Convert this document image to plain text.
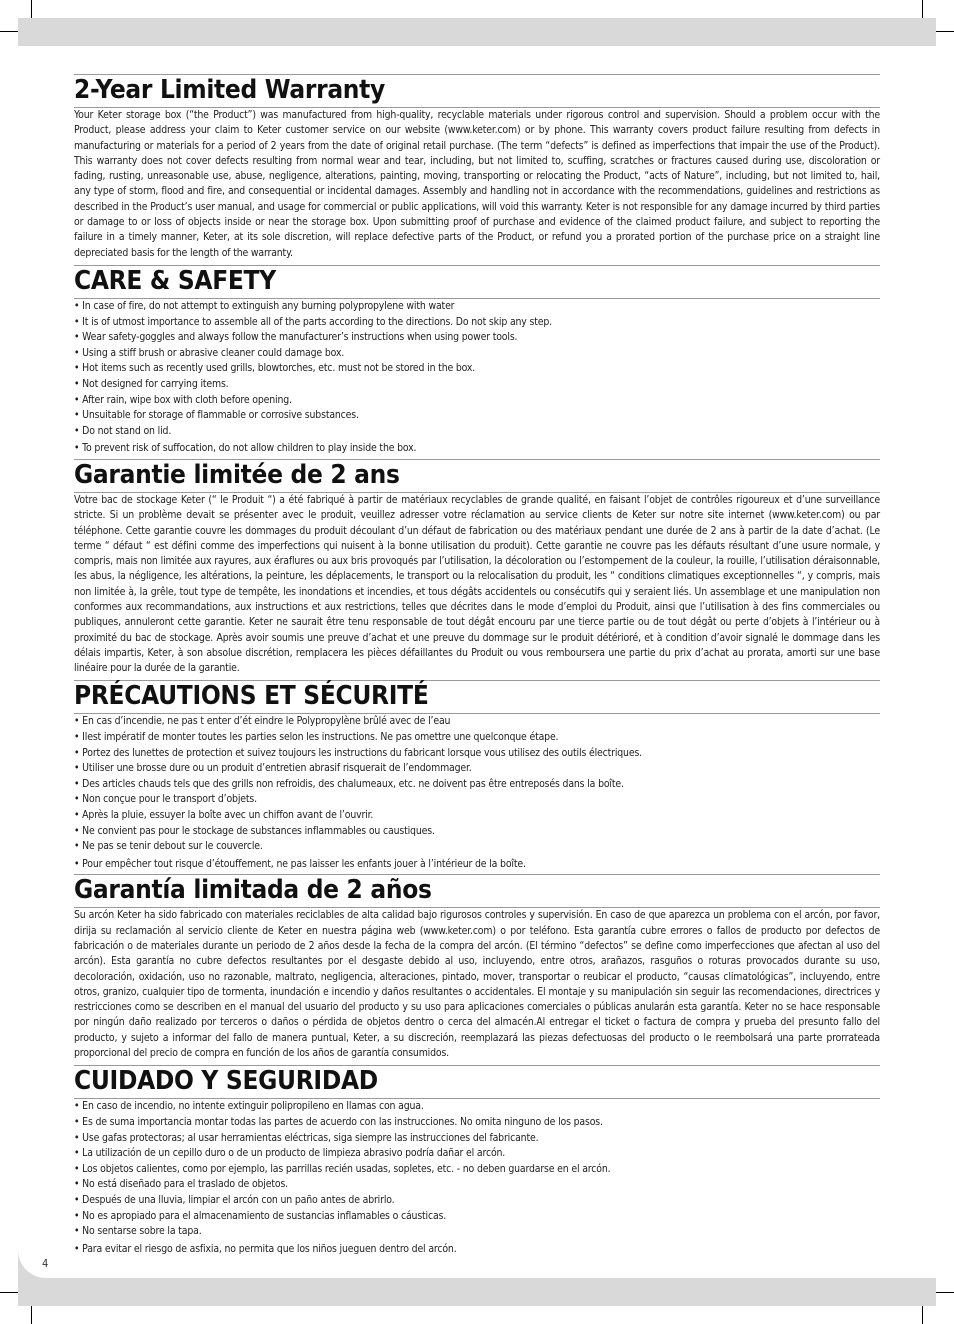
2-Year Limited Warranty

Your Keter storage box (“the Product”) was manufactured from high-quality, recyclable materials under rigorous control and supervision. Should a problem occur with the Product, please address your claim to Keter customer service on our website (www.keter.com) or by phone. This warranty covers product failure resulting from defects in manufacturing or materials for a period of 2 years from the date of original retail purchase. (The term “defects” is defined as imperfections that impair the use of the Product). This warranty does not cover defects resulting from normal wear and tear, including, but not limited to, scuffing, scratches or fractures caused during use, discoloration or fading, rusting, unreasonable use, abuse, negligence, alterations, painting, moving, transporting or relocating the Product, “acts of Nature”, including, but not limited to, hail, any type of storm, flood and fire, and consequential or incidental damages. Assembly and handling not in accordance with the recommendations, guidelines and restrictions as described in the Product’s user manual, and usage for commercial or public applications, will void this warranty. Keter is not responsible for any damage incurred by third parties or damage to or loss of objects inside or near the storage box. Upon submitting proof of purchase and evidence of the claimed product failure, and subject to reporting the failure in a timely manner, Keter, at its sole discretion, will replace defective parts of the Product, or refund you a prorated portion of the purchase price on a straight line depreciated basis for the length of the warranty.

CARE & SAFETY
• In case of fire, do not attempt to extinguish any burning polypropylene with water
• It is of utmost importance to assemble all of the parts according to the directions. Do not skip any step.
• Wear safety-goggles and always follow the manufacturer’s instructions when using power tools.
• Using a stiff brush or abrasive cleaner could damage box.
• Hot items such as recently used grills, blowtorches, etc. must not be stored in the box.
• Not designed for carrying items.
• After rain, wipe box with cloth before opening.
• Unsuitable for storage of flammable or corrosive substances.
• Do not stand on lid.
• To prevent risk of suffocation, do not allow children to play inside the box.
Garantie limitée de 2 ans

Votre bac de stockage Keter (“ le Produit “) a été fabriqué à partir de matériaux recyclables de grande qualité, en faisant l’objet de contrôles rigoureux et d’une surveillance stricte. Si un problème devait se présenter avec le produit, veuillez adresser votre réclamation au service clients de Keter sur notre site internet (www.keter.com) ou par téléphone. Cette garantie couvre les dommages du produit découlant d’un défaut de fabrication ou des matériaux pendant une durée de 2 ans à partir de la date d’achat. (Le terme “ défaut “ est défini comme des imperfections qui nuisent à la bonne utilisation du produit). Cette garantie ne couvre pas les défauts résultant d’une usure normale, y compris, mais non limitée aux rayures, aux éraflures ou aux bris provoqués par l’utilisation, la décoloration ou l’estompement de la couleur, la rouille, l’utilisation déraisonnable, les abus, la négligence, les altérations, la peinture, les déplacements, le transport ou la relocalisation du produit, les “ conditions climatiques exceptionnelles “, y compris, mais non limitée à, la grêle, tout type de tempête, les inondations et incendies, et tous dégâts accidentels ou consécutifs qui y seraient liés. Un assemblage et une manipulation non conformes aux recommandations, aux instructions et aux restrictions, telles que décrites dans le mode d’emploi du Produit, ainsi que l’utilisation à des fins commerciales ou publiques, annuleront cette garantie. Keter ne saurait être tenu responsable de tout dégât encouru par une tierce partie ou de tout dégât ou perte d’objets à l’intérieur ou à proximité du bac de stockage. Après avoir soumis une preuve d’achat et une preuve du dommage sur le produit détérioré, et à condition d’avoir signalé le dommage dans les délais impartis, Keter, à son absolue discrétion, remplacera les pièces défaillantes du Produit ou vous remboursera une partie du prix d’achat au prorata, amorti sur une base linéaire pour la durée de la garantie.

PRÉCAUTIONS ET SÉCURITÉ
• En cas d’incendie, ne pas t enter d’ét eindre le Polypropylène brûlé avec de l’eau
• Ilest impératif de monter toutes les parties selon les instructions. Ne pas omettre une quelconque étape.
• Portez des lunettes de protection et suivez toujours les instructions du fabricant lorsque vous utilisez des outils électriques.
• Utiliser une brosse dure ou un produit d’entretien abrasif risquerait de l’endommager.
• Des articles chauds tels que des grills non refroidis, des chalumeaux, etc. ne doivent pas être entreposés dans la boîte.
• Non conçue pour le transport d’objets.
• Après la pluie, essuyer la boîte avec un chiffon avant de l’ouvrir.
• Ne convient pas pour le stockage de substances inflammables ou caustiques.
• Ne pas se tenir debout sur le couvercle.
• Pour empêcher tout risque d’étouffement, ne pas laisser les enfants jouer à l’intérieur de la boîte.
Garantía limitada de 2 años

Su arcón Keter ha sido fabricado con materiales reciclables de alta calidad bajo rigurosos controles y supervisión. En caso de que aparezca un problema con el arcón, por favor, dirija su reclamación al servicio cliente de Keter en nuestra página web (www.keter.com) o por teléfono. Esta garantía cubre errores o fallos de producto por defectos de fabricación o de materiales durante un periodo de 2 años desde la fecha de la compra del arcón. (El término “defectos” se define como imperfecciones que afectan al uso del arcón). Esta garantía no cubre defectos resultantes por el desgaste debido al uso, incluyendo, entre otros, arañazos, rasguños o roturas provocados durante su uso, decoloración, oxidación, uso no razonable, maltrato, negligencia, alteraciones, pintado, mover, transportar o reubicar el producto, “causas climatológicas”, incluyendo, entre otros, granizo, cualquier tipo de tormenta, inundación e incendio y daños resultantes o accidentales. El montaje y su manipulación sin seguir las recomendaciones, directrices y restricciones como se describen en el manual del usuario del producto y su uso para aplicaciones comerciales o públicas anularán esta garantía. Keter no se hace responsable por ningún daño realizado por terceros o daños o pérdida de objetos dentro o cerca del almacén.Al entregar el ticket o factura de compra y prueba del presunto fallo del producto, y sujeto a informar del fallo de manera puntual, Keter, a su discreción, reemplazará las piezas defectuosas del producto o le reembolsará una parte prorrateada proporcional del precio de compra en función de los años de garantía consumidos.

CUIDADO Y SEGURIDAD
• En caso de incendio, no intente extinguir polipropileno en llamas con agua.
• Es de suma importancia montar todas las partes de acuerdo con las instrucciones. No omita ninguno de los pasos.
• Use gafas protectoras; al usar herramientas eléctricas, siga siempre las instrucciones del fabricante.
• La utilización de un cepillo duro o de un producto de limpieza abrasivo podría dañar el arcón.
• Los objetos calientes, como por ejemplo, las parrillas recién usadas, sopletes, etc. - no deben guardarse en el arcón.
• No está diseñado para el traslado de objetos.
• Después de una lluvia, limpiar el arcón con un paño antes de abrirlo.
• No es apropiado para el almacenamiento de sustancias inflamables o cáusticas.
• No sentarse sobre la tapa.
• Para evitar el riesgo de asfixia, no permita que los niños jueguen dentro del arcón.
4
